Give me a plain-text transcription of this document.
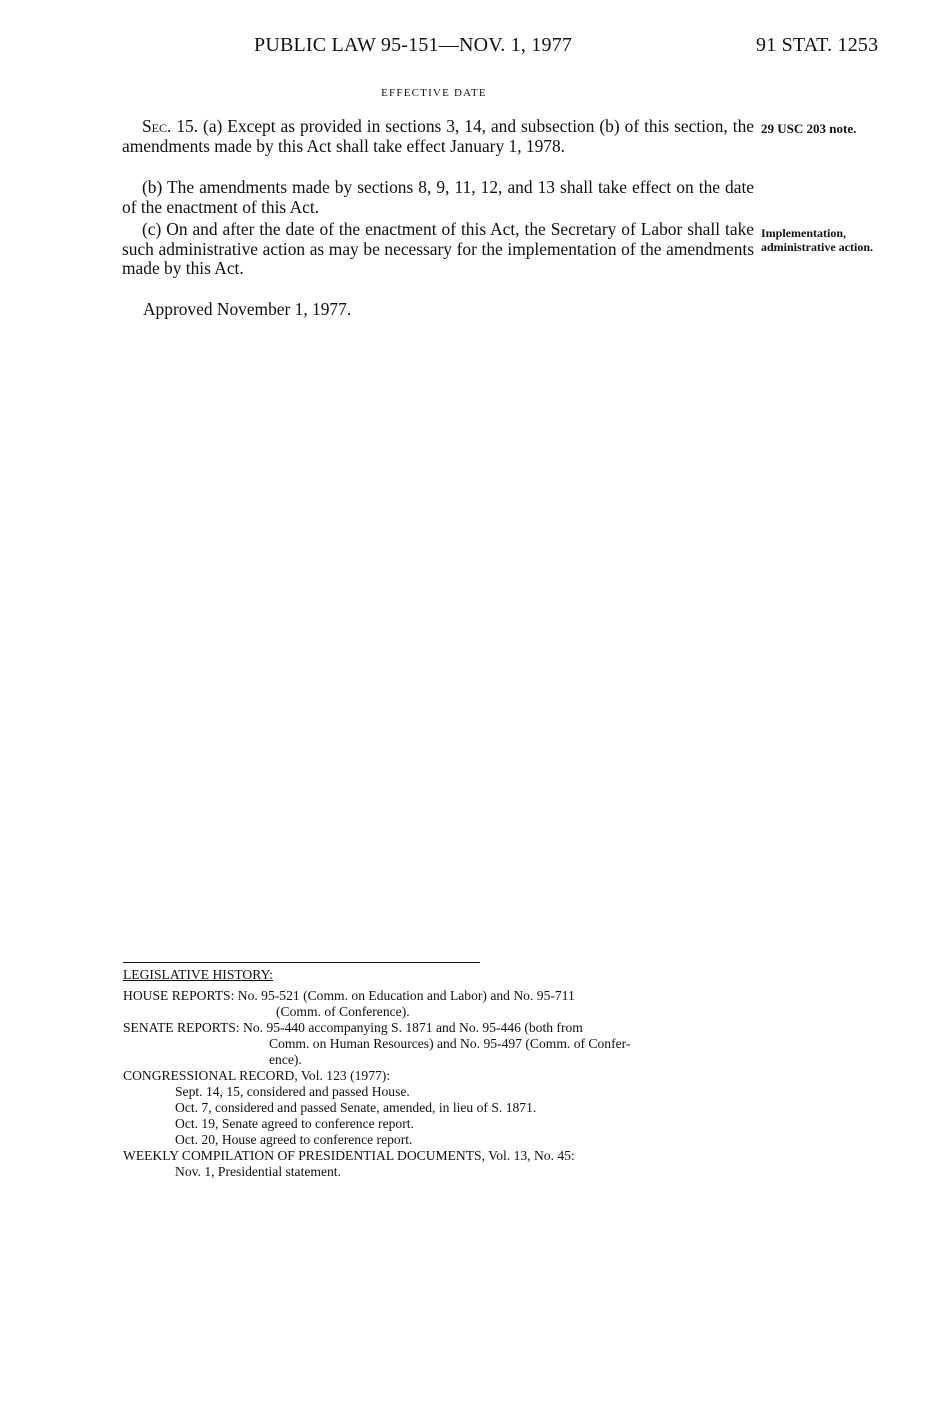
PUBLIC LAW 95-151—NOV. 1, 1977	91 STAT. 1253
EFFECTIVE DATE

Sec. 15. (a) Except as provided in sections 3, 14, and subsection (b) of this section, the amendments made by this Act shall take effect January 1, 1978.

(b) The amendments made by sections 8, 9, 11, 12, and 13 shall take effect on the date of the enactment of this Act.

(c) On and after the date of the enactment of this Act, the Secretary of Labor shall take such administrative action as may be necessary for the implementation of the amendments made by this Act.

Approved November 1, 1977.
29 USC 203 note.
Implementation, administrative action.
LEGISLATIVE HISTORY:
HOUSE REPORTS: No. 95-521 (Comm. on Education and Labor) and No. 95-711
(Comm. of Conference).
SENATE REPORTS: No. 95-440 accompanying S. 1871 and No. 95-446 (both from
Comm. on Human Resources) and No. 95-497 (Comm. of Confer-
ence).
CONGRESSIONAL RECORD, Vol. 123 (1977):
Sept. 14, 15, considered and passed House.
Oct. 7, considered and passed Senate, amended, in lieu of S. 1871.
Oct. 19, Senate agreed to conference report.
Oct. 20, House agreed to conference report.
WEEKLY COMPILATION OF PRESIDENTIAL DOCUMENTS, Vol. 13, No. 45:
Nov. 1, Presidential statement.
